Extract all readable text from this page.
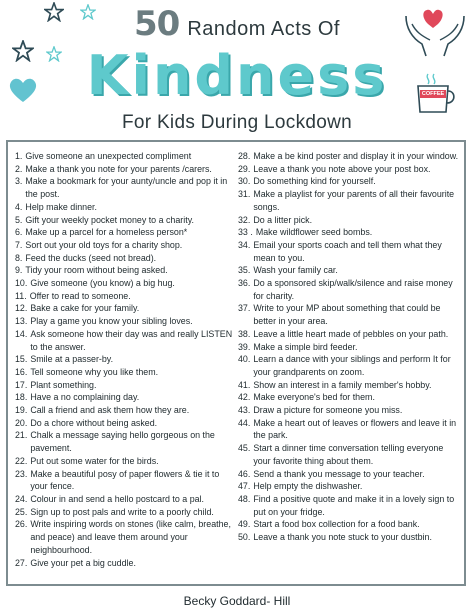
COFFEE
50 Random Acts Of
Kindness
For Kids During Lockdown
1. Give someone an unexpected compliment
2. Make a thank you note for your parents /carers.
3. Make a bookmark for your aunty/uncle and pop it in the post.
4. Help make dinner.
5. Gift your weekly pocket money to a charity.
6. Make up a parcel for a homeless person*
7. Sort out your old toys for a charity shop.
8. Feed the ducks (seed not bread).
9. Tidy your room without being asked.
10. Give someone (you know) a big hug.
11. Offer to read to someone.
12. Bake a cake for your family.
13. Play a game you know your sibling loves.
14. Ask someone how their day was and really LISTEN to the answer.
15. Smile at a passer-by.
16. Tell someone why you like them.
17. Plant something.
18. Have a no complaining day.
19. Call a friend and ask them how they are.
20. Do a chore without being asked.
21. Chalk a message saying hello gorgeous on the pavement.
22. Put out some water for the birds.
23. Make a beautiful posy of paper flowers & tie it to your fence.
24. Colour in and send a hello postcard to a pal.
25. Sign up to post pals and write to a poorly child.
26. Write inspiring words on stones (like calm, breathe, and peace) and leave them around your neighbourhood.
27. Give your pet a big cuddle.
28. Make a be kind poster and display it in your window.
29. Leave a thank you note above your post box.
30. Do something kind for yourself.
31. Make a playlist for your parents of all their favourite songs.
32. Do a litter pick.
33 . Make wildflower seed bombs.
34. Email your sports coach and tell them what they mean to you.
35. Wash your family car.
36. Do a sponsored skip/walk/silence and raise money for charity.
37. Write to your MP about something that could be better in your area.
38. Leave a little heart made of pebbles on your path.
39. Make a simple bird feeder.
40. Learn a dance with your siblings and perform It for your grandparents on zoom.
41. Show an interest in a family member's hobby.
42. Make everyone's bed for them.
43. Draw a picture for someone you miss.
44. Make a heart out of leaves or flowers and leave it in the park.
45. Start a dinner time conversation telling everyone your favorite thing about them.
46. Send a thank you message to your teacher.
47. Help empty the dishwasher.
48. Find a positive quote and make it in a lovely sign to put on your fridge.
49. Start a food box collection for a food bank.
50. Leave a thank you note stuck to your dustbin.
Becky Goddard- Hill
